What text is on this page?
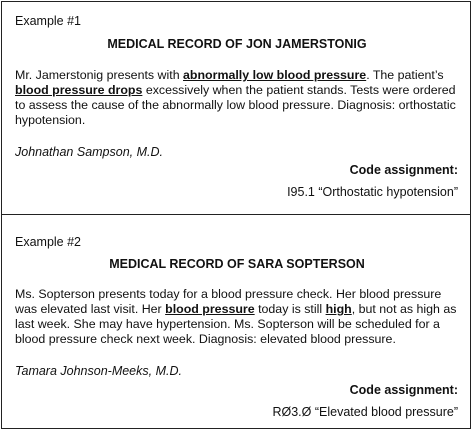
Example #1
MEDICAL RECORD OF JON JAMERSTONIG

Mr. Jamerstonig presents with abnormally low blood pressure. The patient’s blood pressure drops excessively when the patient stands. Tests were ordered to assess the cause of the abnormally low blood pressure. Diagnosis: orthostatic hypotension.

Johnathan Sampson, M.D.
Code assignment:
I95.1 “Orthostatic hypotension”
Example #2
MEDICAL RECORD OF SARA SOPTERSON

Ms. Sopterson presents today for a blood pressure check. Her blood pressure was elevated last visit. Her blood pressure today is still high, but not as high as last week. She may have hypertension. Ms. Sopterson will be scheduled for a blood pressure check next week. Diagnosis: elevated blood pressure.

Tamara Johnson-Meeks, M.D.
Code assignment:
RØ3.Ø “Elevated blood pressure”
